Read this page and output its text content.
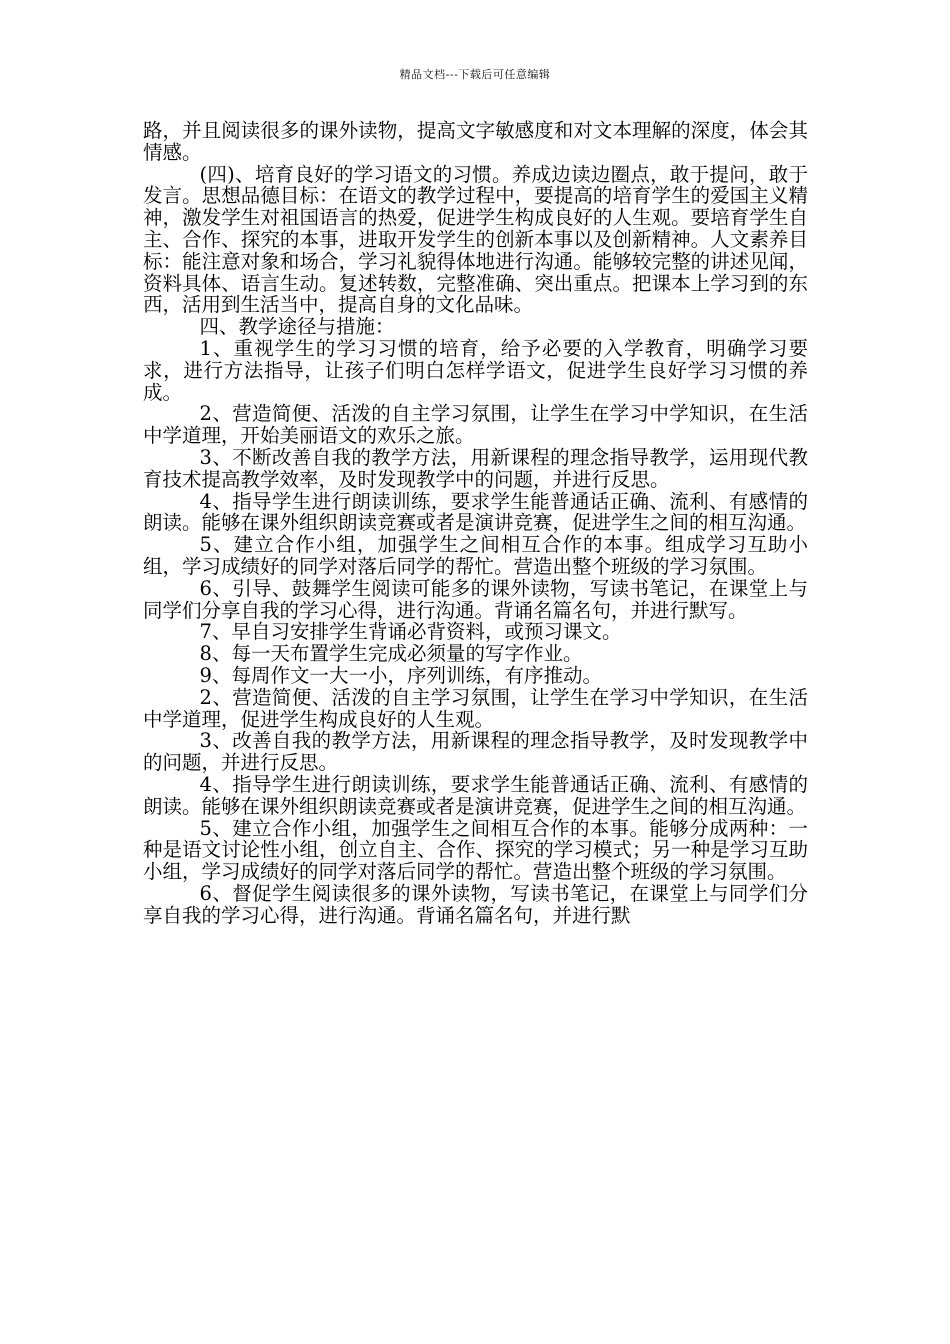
精品文档---下载后可任意编辑

路，并且阅读很多的课外读物，提高文字敏感度和对文本理解的深度，体会其情感。

(四)、培育良好的学习语文的习惯。养成边读边圈点，敢于提问，敢于发言。思想品德目标：在语文的教学过程中，要提高的培育学生的爱国主义精神，激发学生对祖国语言的热爱，促进学生构成良好的人生观。要培育学生自主、合作、探究的本事，进取开发学生的创新本事以及创新精神。人文素养目标：能注意对象和场合，学习礼貌得体地进行沟通。能够较完整的讲述见闻，资料具体、语言生动。复述转数，完整准确、突出重点。把课本上学习到的东西，活用到生活当中，提高自身的文化品味。

四、教学途径与措施：

1、重视学生的学习习惯的培育，给予必要的入学教育，明确学习要求，进行方法指导，让孩子们明白怎样学语文，促进学生良好学习习惯的养成。

2、营造简便、活泼的自主学习氛围，让学生在学习中学知识，在生活中学道理，开始美丽语文的欢乐之旅。

3、不断改善自我的教学方法，用新课程的理念指导教学，运用现代教育技术提高教学效率，及时发现教学中的问题，并进行反思。

4、指导学生进行朗读训练，要求学生能普通话正确、流利、有感情的朗读。能够在课外组织朗读竞赛或者是演讲竞赛，促进学生之间的相互沟通。

5、建立合作小组，加强学生之间相互合作的本事。组成学习互助小组，学习成绩好的同学对落后同学的帮忙。营造出整个班级的学习氛围。

6、引导、鼓舞学生阅读可能多的课外读物，写读书笔记，在课堂上与同学们分享自我的学习心得，进行沟通。背诵名篇名句，并进行默写。

7、早自习安排学生背诵必背资料，或预习课文。

8、每一天布置学生完成必须量的写字作业。

9、每周作文一大一小，序列训练，有序推动。

2、营造简便、活泼的自主学习氛围，让学生在学习中学知识，在生活中学道理，促进学生构成良好的人生观。

3、改善自我的教学方法，用新课程的理念指导教学，及时发现教学中的问题，并进行反思。

4、指导学生进行朗读训练，要求学生能普通话正确、流利、有感情的朗读。能够在课外组织朗读竞赛或者是演讲竞赛，促进学生之间的相互沟通。

5、建立合作小组，加强学生之间相互合作的本事。能够分成两种：一种是语文讨论性小组，创立自主、合作、探究的学习模式；另一种是学习互助小组，学习成绩好的同学对落后同学的帮忙。营造出整个班级的学习氛围。

6、督促学生阅读很多的课外读物，写读书笔记，在课堂上与同学们分享自我的学习心得，进行沟通。背诵名篇名句，并进行默
